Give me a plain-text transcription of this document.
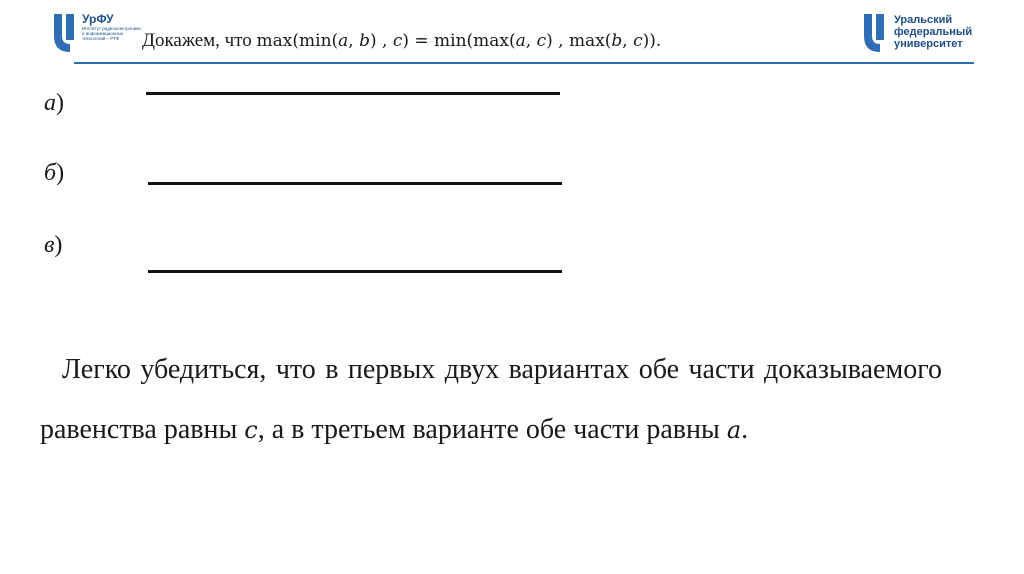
УрФУ
Институт радиоэлектроники и информационных технологий – РТФ
Уральский федеральный университет
Докажем, что max(min(𝑎, 𝑏) , 𝑐) = min(max(𝑎, 𝑐) , max(𝑏, 𝑐)).
а)
б)
в)
Легко убедиться, что в первых двух вариантах обе части доказываемого равенства равны 𝑐, а в третьем варианте обе части равны 𝑎.
